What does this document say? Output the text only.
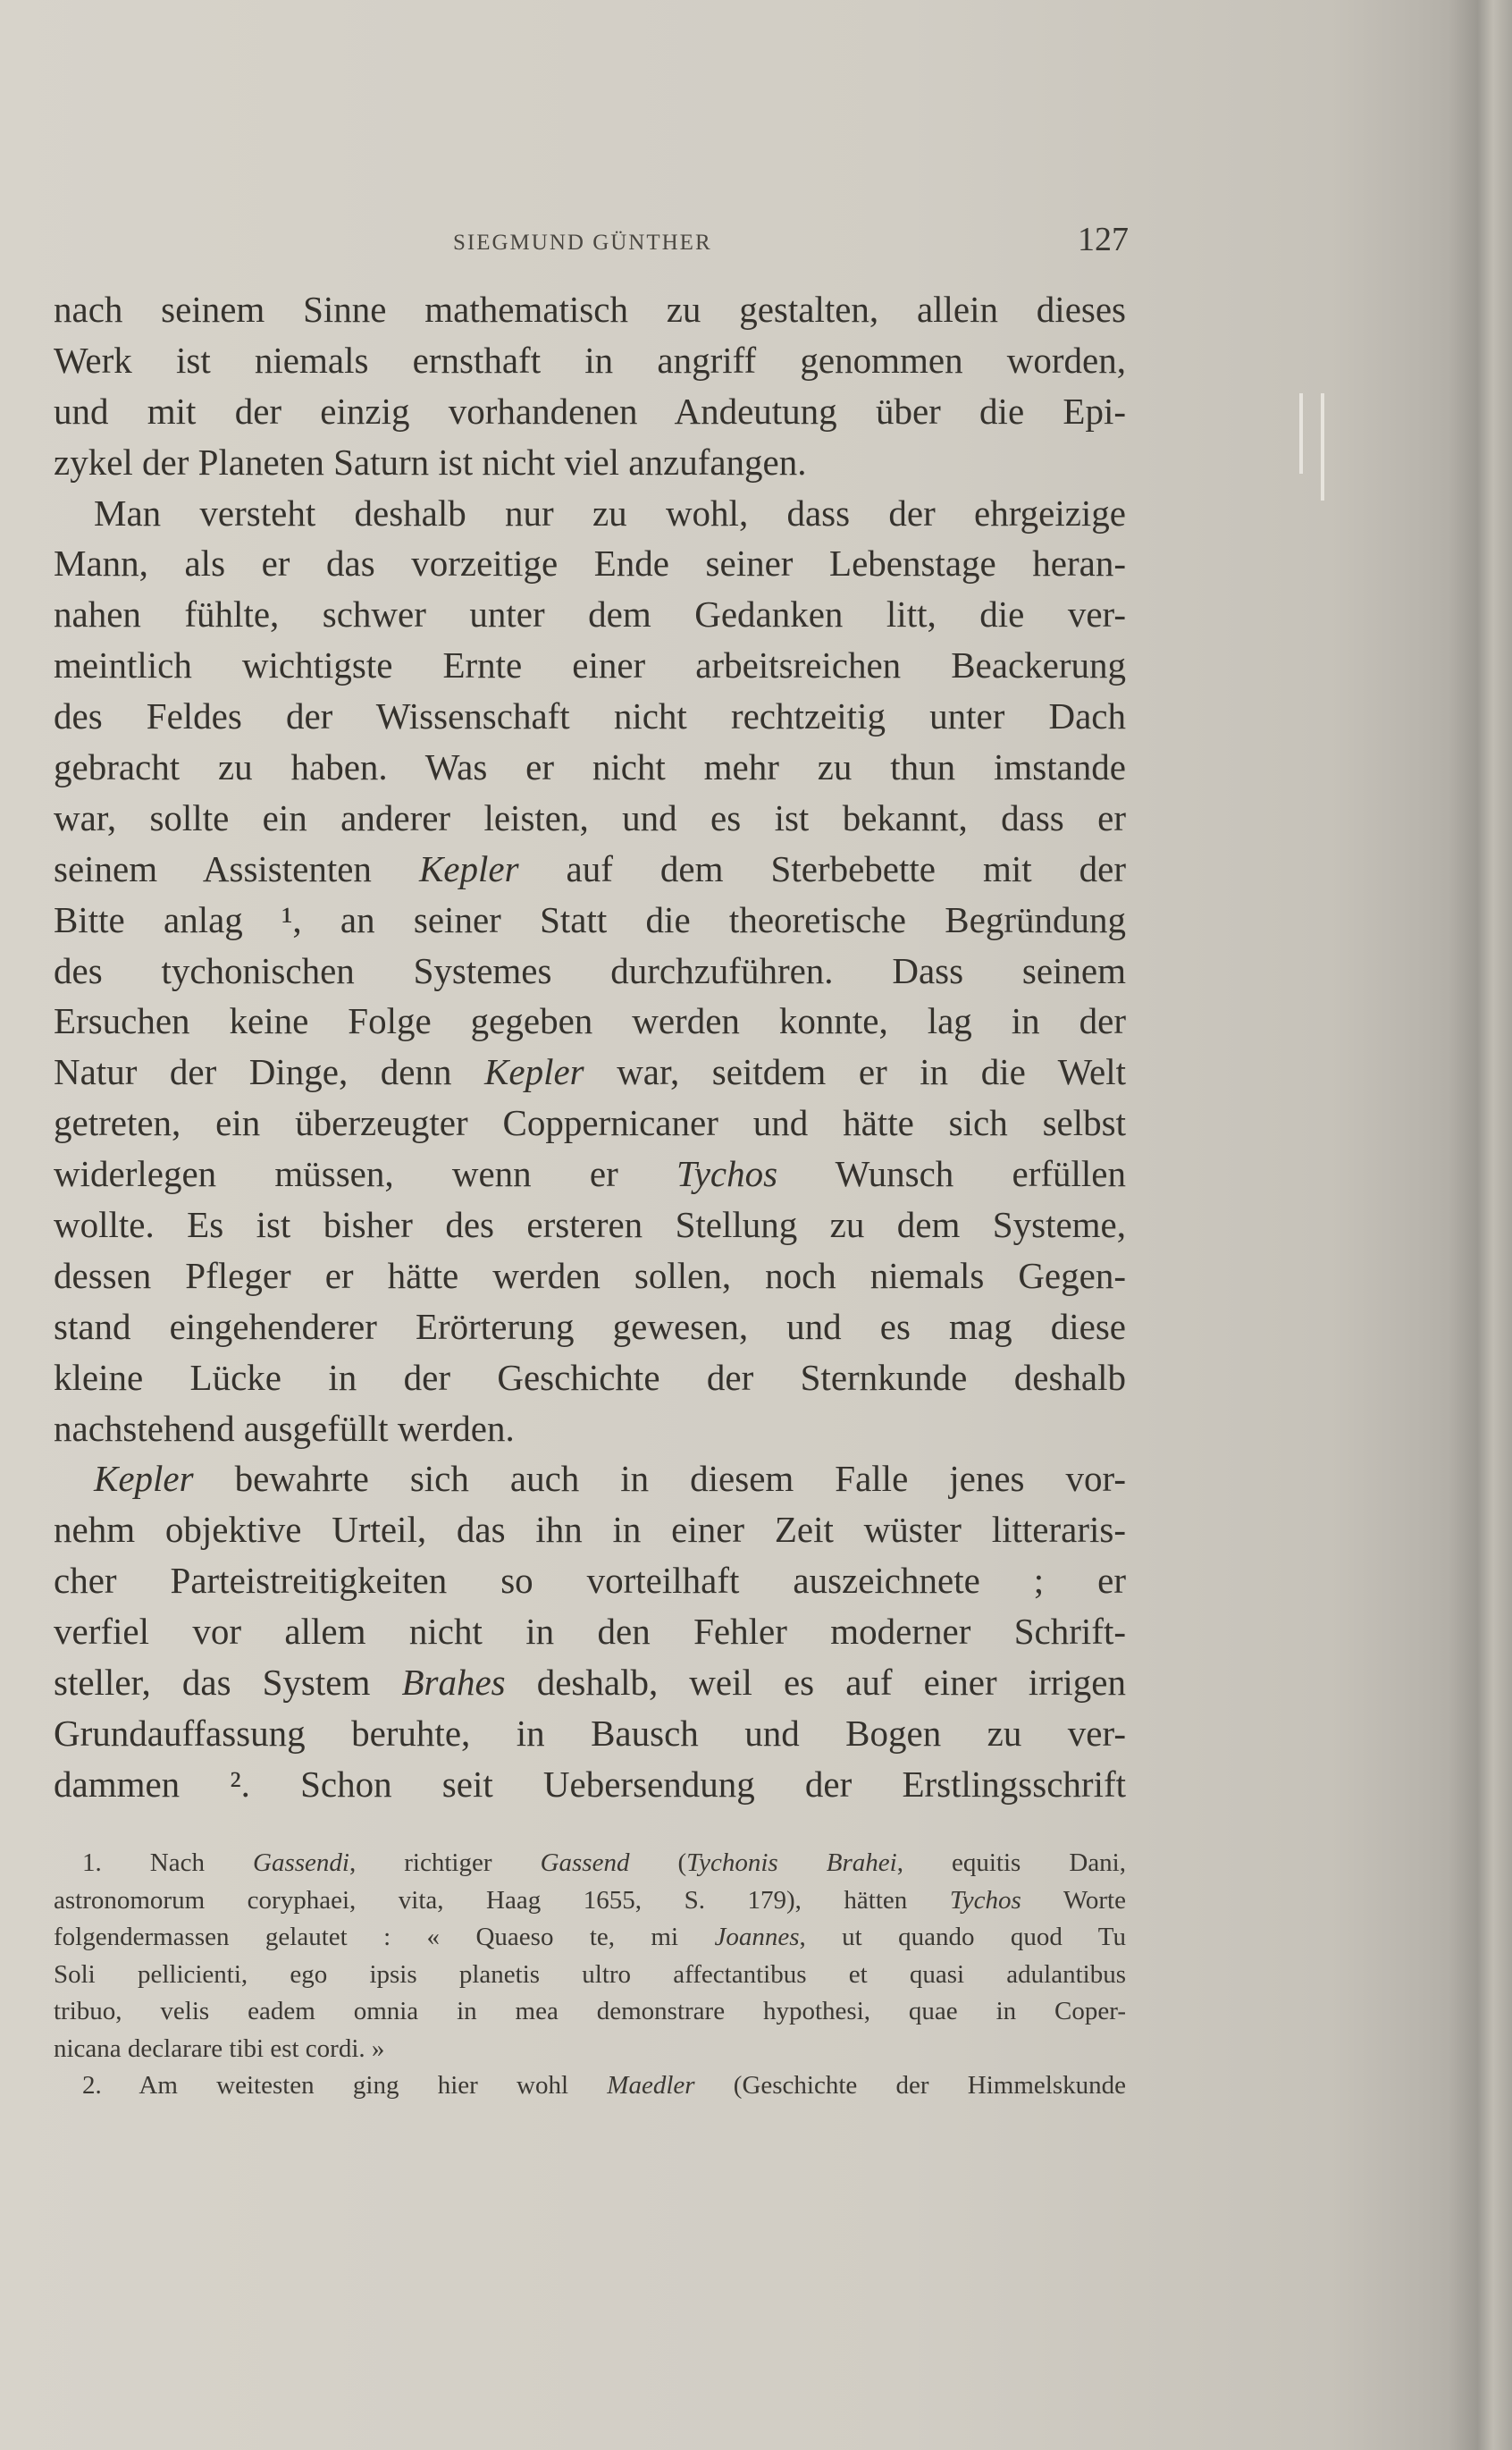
SIEGMUND GÜNTHER	127
nach seinem Sinne mathematisch zu gestalten, allein dieses
Werk ist niemals ernsthaft in angriff genommen worden,
und mit der einzig vorhandenen Andeutung über die Epi-
zykel der Planeten Saturn ist nicht viel anzufangen.
Man versteht deshalb nur zu wohl, dass der ehrgeizige
Mann, als er das vorzeitige Ende seiner Lebenstage heran-
nahen fühlte, schwer unter dem Gedanken litt, die ver-
meintlich wichtigste Ernte einer arbeitsreichen Beackerung
des Feldes der Wissenschaft nicht rechtzeitig unter Dach
gebracht zu haben. Was er nicht mehr zu thun imstande
war, sollte ein anderer leisten, und es ist bekannt, dass er
seinem Assistenten Kepler auf dem Sterbebette mit der
Bitte anlag ¹, an seiner Statt die theoretische Begründung
des tychonischen Systemes durchzuführen. Dass seinem
Ersuchen keine Folge gegeben werden konnte, lag in der
Natur der Dinge, denn Kepler war, seitdem er in die Welt
getreten, ein überzeugter Coppernicaner und hätte sich selbst
widerlegen müssen, wenn er Tychos Wunsch erfüllen
wollte. Es ist bisher des ersteren Stellung zu dem Systeme,
dessen Pfleger er hätte werden sollen, noch niemals Gegen-
stand eingehenderer Erörterung gewesen, und es mag diese
kleine Lücke in der Geschichte der Sternkunde deshalb
nachstehend ausgefüllt werden.
Kepler bewahrte sich auch in diesem Falle jenes vor-
nehm objektive Urteil, das ihn in einer Zeit wüster litteraris-
cher Parteistreitigkeiten so vorteilhaft auszeichnete ; er
verfiel vor allem nicht in den Fehler moderner Schrift-
steller, das System Brahes deshalb, weil es auf einer irrigen
Grundauffassung beruhte, in Bausch und Bogen zu ver-
dammen ². Schon seit Uebersendung der Erstlingsschrift
1. Nach Gassendi, richtiger Gassend (Tychonis Brahei, equitis Dani,
astronomorum coryphaei, vita, Haag 1655, S. 179), hätten Tychos Worte
folgendermassen gelautet : « Quaeso te, mi Joannes, ut quando quod Tu
Soli pellicienti, ego ipsis planetis ultro affectantibus et quasi adulantibus
tribuo, velis eadem omnia in mea demonstrare hypothesi, quae in Coper-
nicana declarare tibi est cordi. »
2. Am weitesten ging hier wohl Maedler (Geschichte der Himmelskunde
